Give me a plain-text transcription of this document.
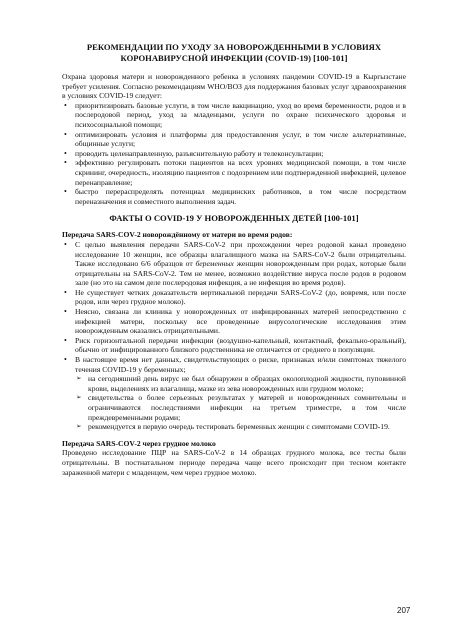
РЕКОМЕНДАЦИИ ПО УХОДУ ЗА НОВОРОЖДЕННЫМИ В УСЛОВИЯХ
КОРОНАВИРУСНОЙ ИНФЕКЦИИ (COVID-19) [100-101]

Охрана здоровья матери и новорожденного ребенка в условиях пандемии COVID-19 в Кыргызстане требует усиления. Согласно рекомендациям WHO/ВОЗ для поддержания базовых услуг здравоохранения в условиях COVID-19 следует:

• приоритизировать базовые услуги, в том числе вакцинацию, уход во время беременности, родов и в послеродовой период, уход за младенцами, услуги по охране психического здоровья и психосоциальной помощи;
• оптимизировать условия и платформы для предоставления услуг, в том числе альтернативные, общинные услуги;
• проводить целенаправленную, разъяснительную работу и телеконсультации;
• эффективно регулировать потоки пациентов на всех уровнях медицинской помощи, в том числе скрининг, очередность, изоляцию пациентов с подозрением или подтвержденной инфекцией, целевое перенаправление;
• быстро перераспределять потенциал медицинских работников, в том числе посредством переназначения и совместного выполнения задач.
ФАКТЫ О COVID-19 У НОВОРОЖДЕННЫХ ДЕТЕЙ [100-101]

Передача SARS-COV-2 новорождённому от матери во время родов:

• С целью выявления передачи SARS-CoV-2 при прохождении через родовой канал проведено исследование 10 женщин, все образцы влагалищного мазка на SARS-CoV-2 были отрицательны. Также исследовано 6/6 образцов от беременных женщин новорожденным при родах, которые были отрицательны на SARS-CoV-2. Тем не менее, возможно воздействие вируса после родов в родовом зале (но это на самом деле послеродовая инфекция, а не инфекция во время родов).
• Не существует четких доказательств вертикальной передачи SARS-CoV-2 (до, вовремя, или после родов, или через грудное молоко).
• Неясно, связана ли клиника у новорожденных от инфицированных матерей непосредственно с инфекцией матери, поскольку все проведенные вирусологические исследования этим новорожденным оказались отрицательными.
• Риск горизонтальной передачи инфекции (воздушно-капельный, контактный, фекально-оральный), обычно от инфицированного близкого родственника не отличается от среднего в популяции.
• В настоящее время нет данных, свидетельствующих о риске, признаках и/или симптомах тяжелого течения COVID-19 у беременных;
➢ на сегодняшний день вирус не был обнаружен в образцах околоплодной жидкости, пуповинной крови, выделениях из влагалища, мазке из зева новорожденных или грудном молоке;
➢ свидетельства о более серьезных результатах у матерей и новорожденных сомнительны и ограничиваются последствиями инфекции на третьем триместре, в том числе преждевременными родами;
➢ рекомендуется в первую очередь тестировать беременных женщин с симптомами COVID-19.

Передача SARS-COV-2 через грудное молоко

Проведено исследование ПЦР на SARS-CoV-2 в 14 образцах грудного молока, все тесты были отрицательны. В постнатальном периоде передача чаще всего происходит при тесном контакте зараженной матери с младенцем, чем через грудное молоко.

207
